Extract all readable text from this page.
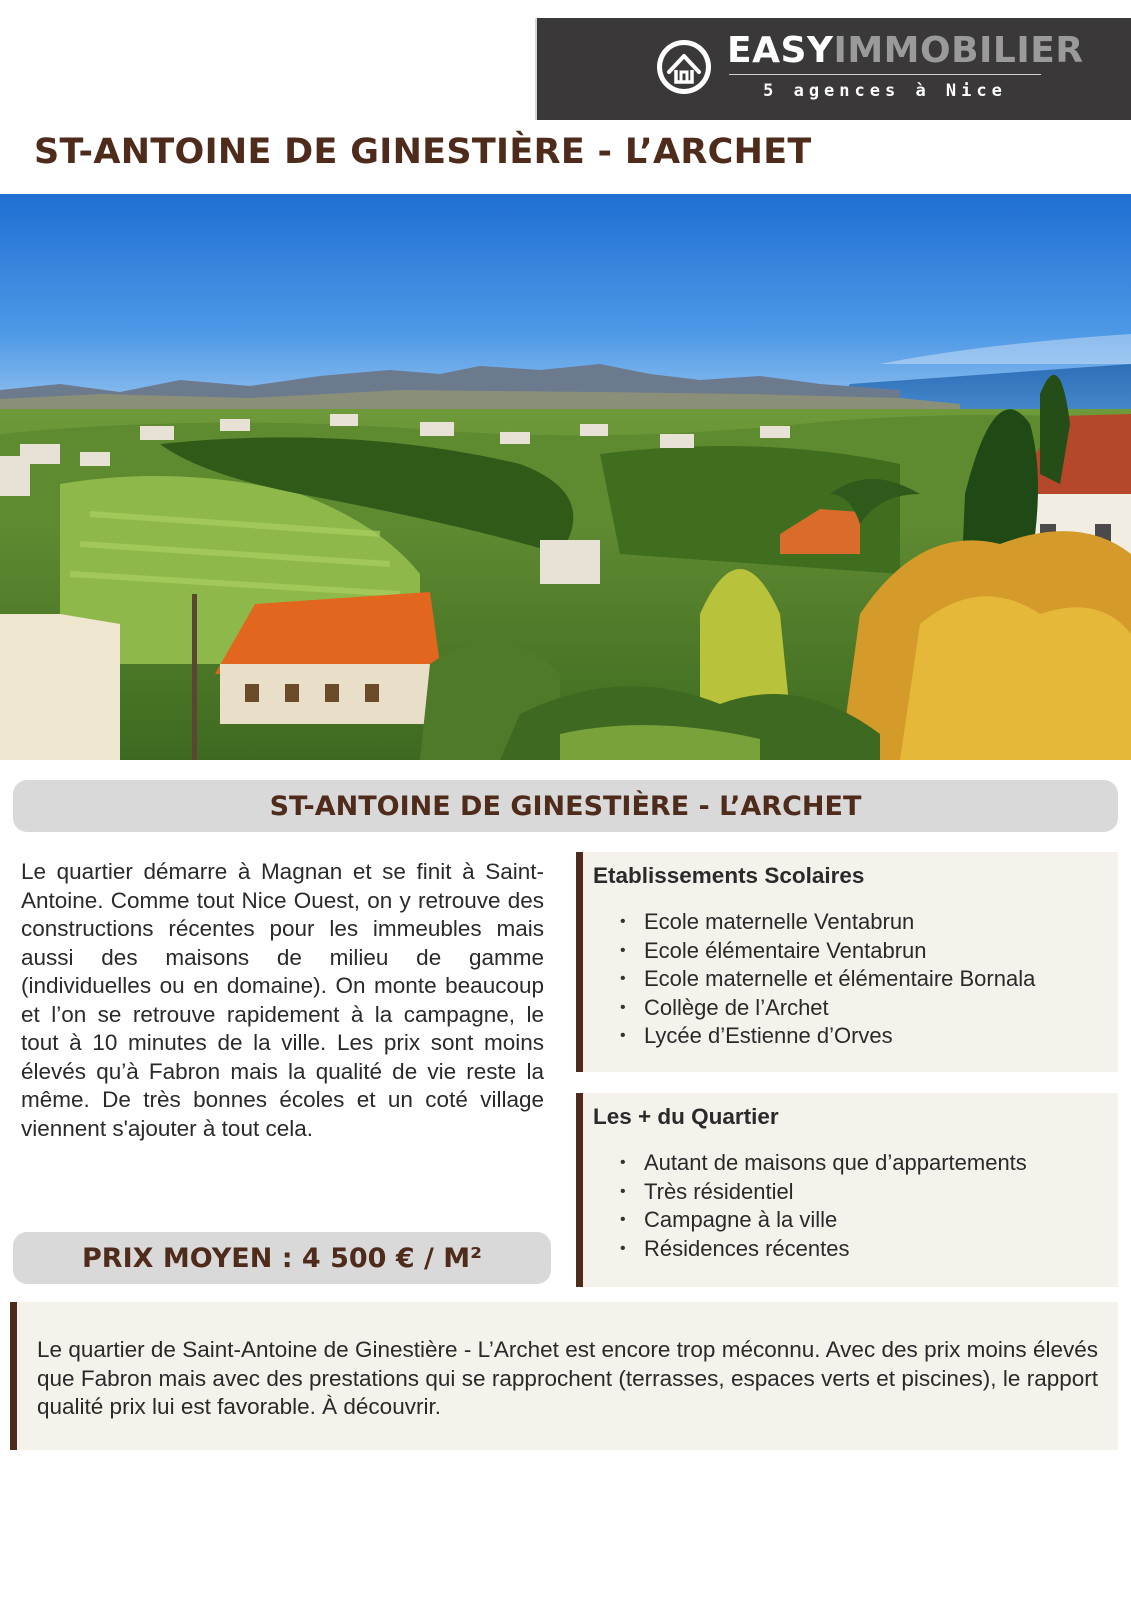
EASYIMMOBILIER
5 agences à Nice
ST-ANTOINE DE GINESTIÈRE - L’ARCHET
ST-ANTOINE DE GINESTIÈRE - L’ARCHET

Le quartier démarre à Magnan et se finit à Saint-Antoine. Comme tout Nice Ouest, on y retrouve des constructions récentes pour les immeubles mais aussi des maisons de milieu de gamme (individuelles ou en domaine). On monte beaucoup et l’on se retrouve rapidement à la campagne, le tout à 10 minutes de la ville. Les prix sont moins élevés qu’à Fabron mais la qualité de vie reste la même. De très bonnes écoles et un coté village viennent s'ajouter à tout cela.

Etablissements Scolaires
• Ecole maternelle Ventabrun
• Ecole élémentaire Ventabrun
• Ecole maternelle et élémentaire Bornala
• Collège de l’Archet
• Lycée d’Estienne d’Orves
Les + du Quartier
• Autant de maisons que d’appartements
• Très résidentiel
• Campagne à la ville
• Résidences récentes
PRIX MOYEN : 4 500 € / M²

Le quartier de Saint-Antoine de Ginestière - L’Archet est encore trop méconnu. Avec des prix moins élevés que Fabron mais avec des prestations qui se rapprochent (terrasses, espaces verts et piscines), le rapport qualité prix lui est favorable. À découvrir.
